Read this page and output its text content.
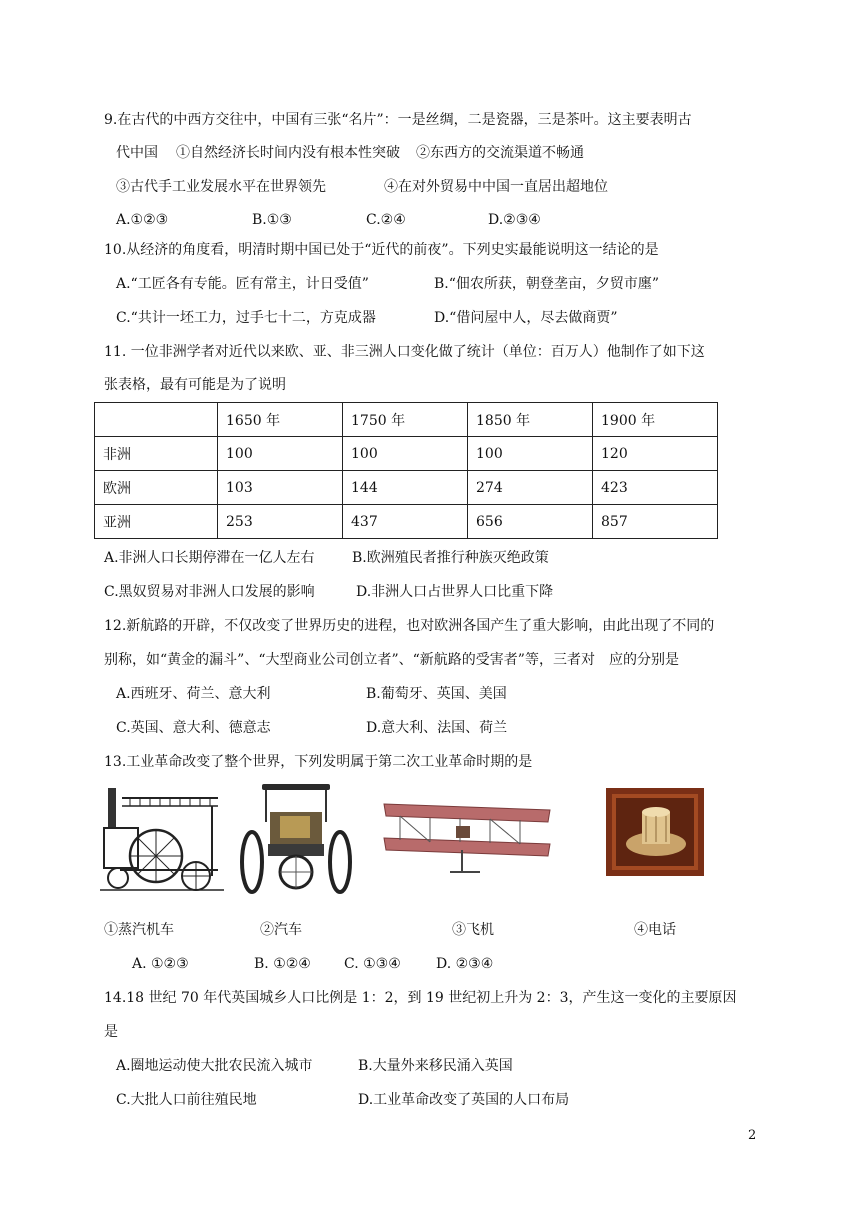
9.在古代的中西方交往中，中国有三张“名片”：一是丝绸，二是瓷器，三是茶叶。这主要表明古
代中国 ①自然经济长时间内没有根本性突破 ②东西方的交流渠道不畅通
③古代手工业发展水平在世界领先	④在对外贸易中中国一直居出超地位
A.①②③	B.①③	C.②④	D.②③④
10.从经济的角度看，明清时期中国已处于“近代的前夜”。下列史实最能说明这一结论的是
A.“工匠各有专能。匠有常主，计日受值”	B.“佃农所获，朝登垄亩，夕贸市廛”
C.“共计一坯工力，过手七十二，方克成器	D.“借问屋中人，尽去做商贾”
11. 一位非洲学者对近代以来欧、亚、非三洲人口变化做了统计（单位：百万人）他制作了如下这
张表格，最有可能是为了说明
	1650 年	1750 年	1850 年	1900 年
非洲	100	100	100	120
欧洲	103	144	274	423
亚洲	253	437	656	857
A.非洲人口长期停滞在一亿人左右	B.欧洲殖民者推行种族灭绝政策
C.黑奴贸易对非洲人口发展的影响	D.非洲人口占世界人口比重下降
12.新航路的开辟，不仅改变了世界历史的进程，也对欧洲各国产生了重大影响，由此出现了不同的
别称，如“黄金的漏斗”、“大型商业公司创立者”、“新航路的受害者”等，三者对　应的分别是
A.西班牙、荷兰、意大利	B.葡萄牙、英国、美国
C.英国、意大利、德意志	D.意大利、法国、荷兰
13.工业革命改变了整个世界，下列发明属于第二次工业革命时期的是
①蒸汽机车	②汽车	③飞机	④电话
A. ①②③	B. ①②④ C. ①③④	D. ②③④
14.18 世纪 70 年代英国城乡人口比例是 1：2，到 19 世纪初上升为 2：3，产生这一变化的主要原因
是
A.圈地运动使大批农民流入城市	B.大量外来移民涌入英国
C.大批人口前往殖民地	D.工业革命改变了英国的人口布局
2
